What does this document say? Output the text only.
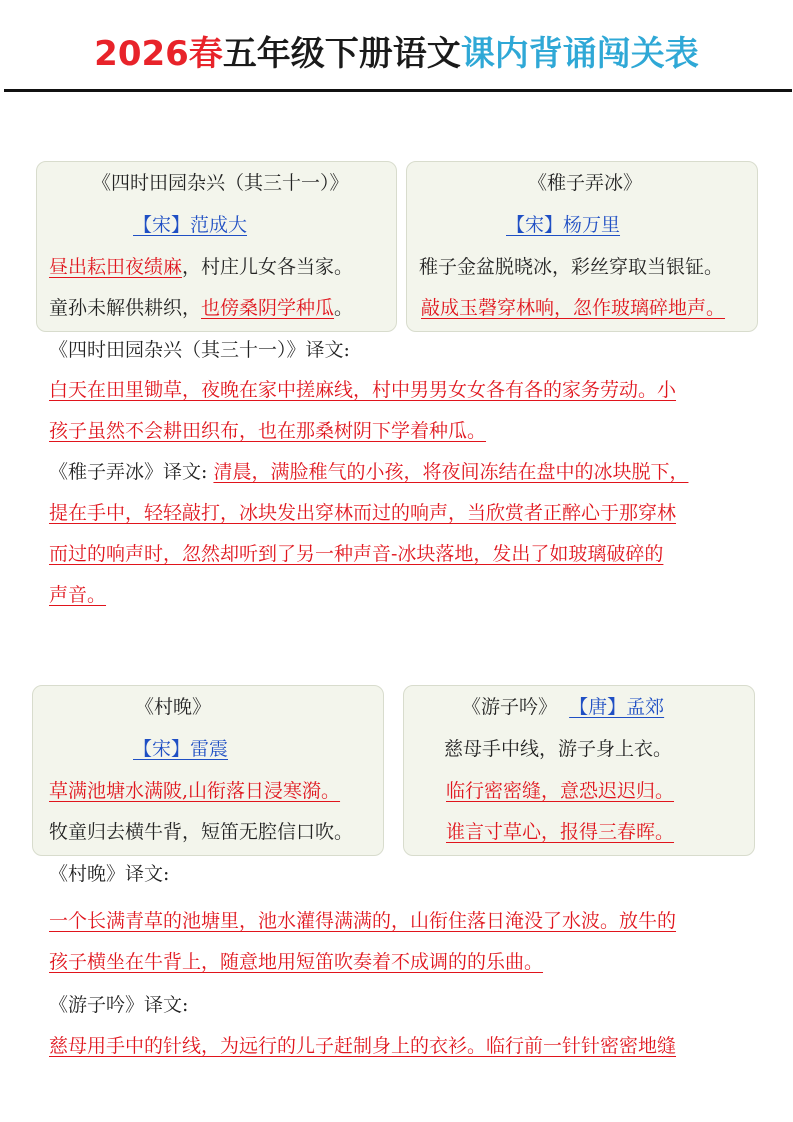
2026春五年级下册语文课内背诵闯关表
《四时田园杂兴（其三十一）》
【宋】范成大
昼出耘田夜绩麻，村庄儿女各当家。
童孙未解供耕织，也傍桑阴学种瓜。
《稚子弄冰》
【宋】杨万里
稚子金盆脱晓冰，彩丝穿取当银钲。
敲成玉磬穿林响，忽作玻璃碎地声。
《四时田园杂兴（其三十一）》译文:
白天在田里锄草，夜晚在家中搓麻线，村中男男女女各有各的家务劳动。小
孩子虽然不会耕田织布，也在那桑树阴下学着种瓜。
《稚子弄冰》译文: 清晨，满脸稚气的小孩，将夜间冻结在盘中的冰块脱下，
提在手中，轻轻敲打，冰块发出穿林而过的响声，当欣赏者正醉心于那穿林
而过的响声时，忽然却听到了另一种声音-冰块落地，发出了如玻璃破碎的
声音。
《村晚》
【宋】雷震
草满池塘水满陂,山衔落日浸寒漪。
牧童归去横牛背，短笛无腔信口吹。
《游子吟》 【唐】孟郊
慈母手中线，游子身上衣。
临行密密缝，意恐迟迟归。
谁言寸草心，报得三春晖。
《村晚》译文:
一个长满青草的池塘里，池水灌得满满的，山衔住落日淹没了水波。放牛的
孩子横坐在牛背上，随意地用短笛吹奏着不成调的的乐曲。
《游子吟》译文:
慈母用手中的针线，为远行的儿子赶制身上的衣衫。临行前一针针密密地缝
